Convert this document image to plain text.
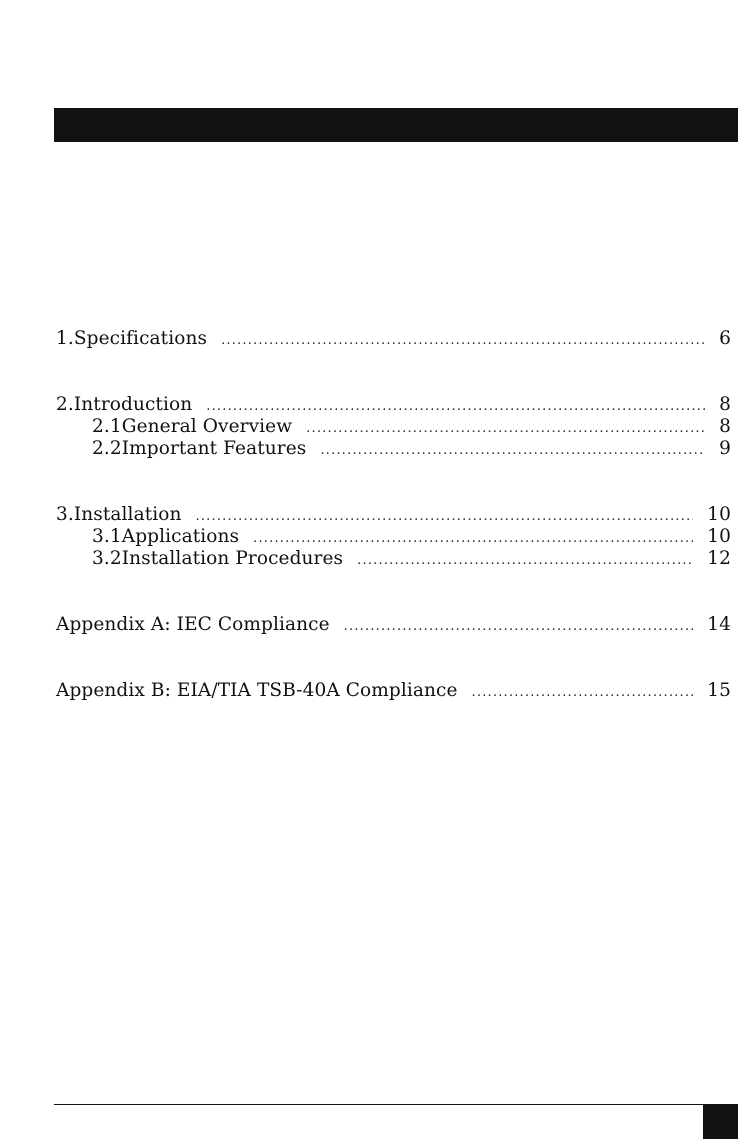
1. Specifications .....	6
2. Introduction .....	8
2.1 General Overview .....	8
2.2 Important Features .....	9
3. Installation .....	10
3.1 Applications .....	10
3.2 Installation Procedures .....	12
Appendix A: IEC Compliance .....	14
Appendix B: EIA/TIA TSB-40A Compliance .....	15
